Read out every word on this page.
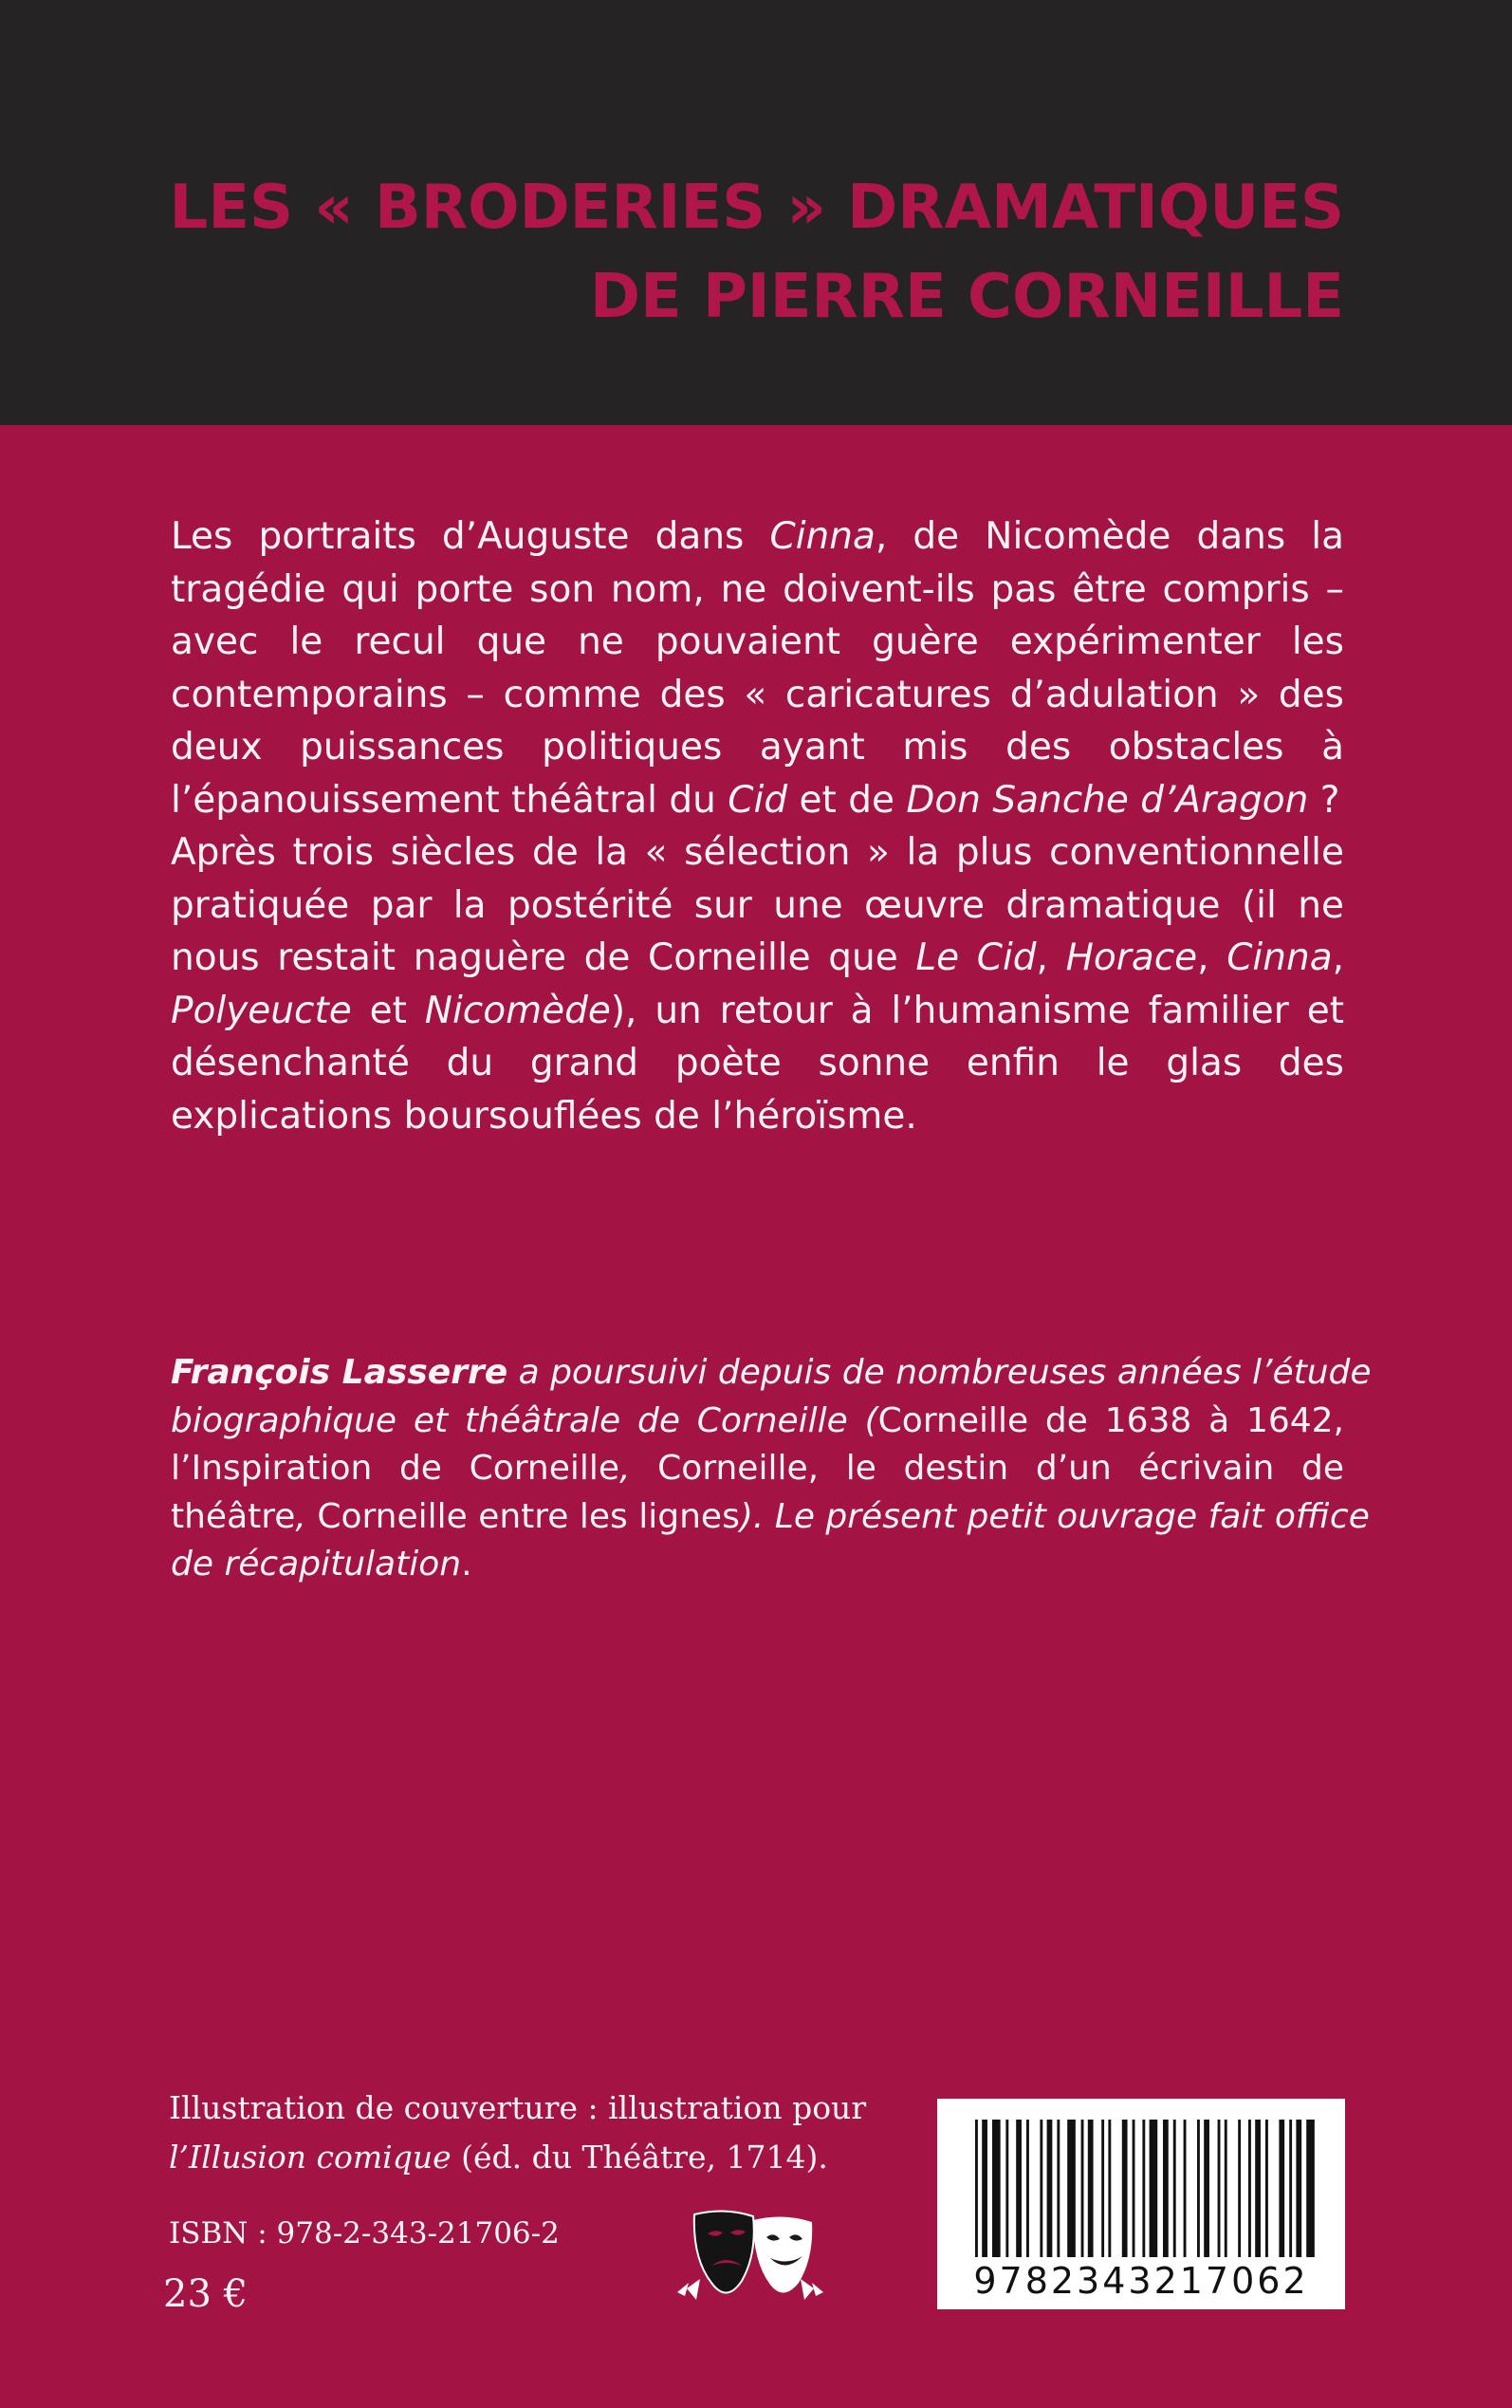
LES « BRODERIES » DRAMATIQUES
DE PIERRE CORNEILLE

Les portraits d’Auguste dans Cinna, de Nicomède dans la tragédie qui porte son nom, ne doivent-ils pas être compris – avec le recul que ne pouvaient guère expérimenter les contemporains – comme des « caricatures d’adulation » des deux puissances politiques ayant mis des obstacles à l’épanouissement théâtral du Cid et de Don Sanche d’Aragon ?

Après trois siècles de la « sélection » la plus conventionnelle pratiquée par la postérité sur une œuvre dramatique (il ne nous restait naguère de Corneille que Le Cid, Horace, Cinna, Polyeucte et Nicomède), un retour à l’humanisme familier et désenchanté du grand poète sonne enfin le glas des explications boursouflées de l’héroïsme.

François Lasserre a poursuivi depuis de nombreuses années l’étude
biographique et théâtrale de Corneille (Corneille de 1638 à 1642,
l’Inspiration de Corneille, Corneille, le destin d’un écrivain de
théâtre, Corneille entre les lignes). Le présent petit ouvrage fait office
de récapitulation.
Illustration de couverture : illustration pour
l’Illusion comique (éd. du Théâtre, 1714).
ISBN : 978-2-343-21706-2
23 €	9782343217062
